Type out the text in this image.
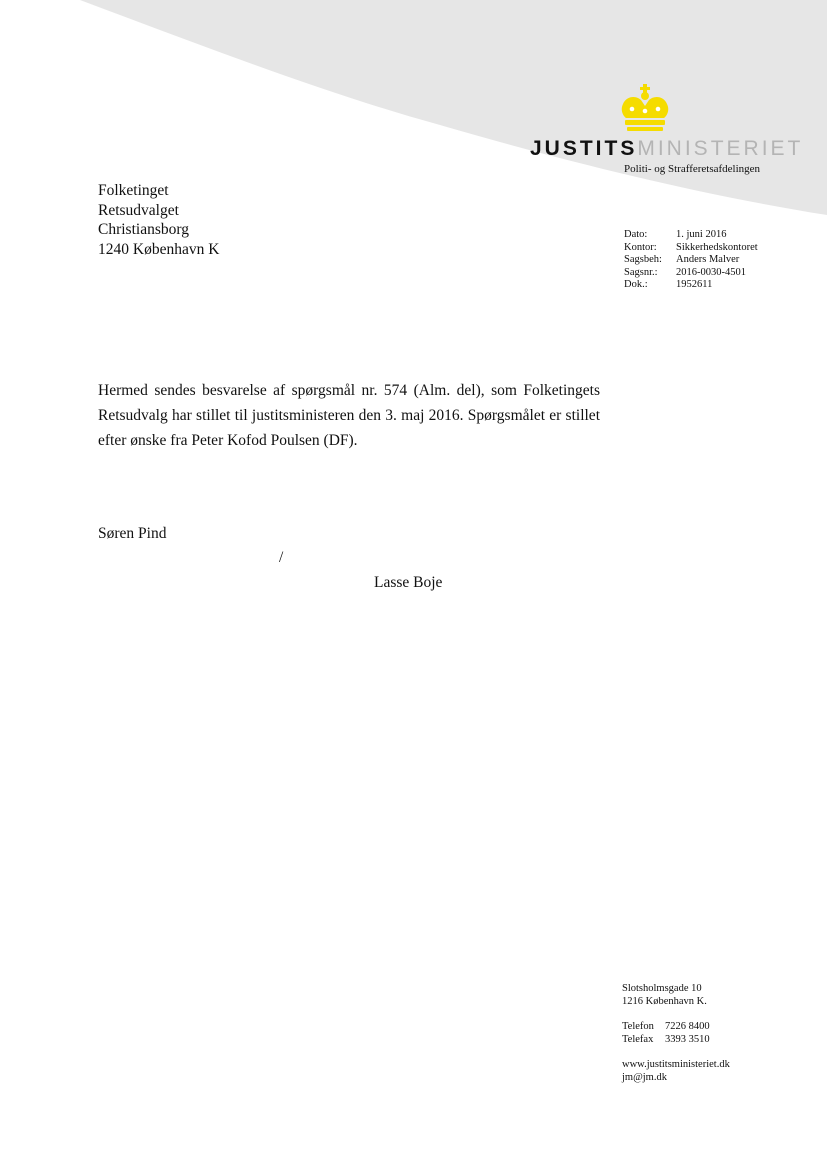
JUSTITSMINISTERIET
Politi- og Strafferetsafdelingen
Folketinget
Retsudvalget
Christiansborg
1240 København K
Dato:	1. juni 2016
Kontor:	Sikkerhedskontoret
Sagsbeh:	Anders Malver
Sagsnr.:	2016-0030-4501
Dok.:	1952611
Hermed sendes besvarelse af spørgsmål nr. 574 (Alm. del), som Folketingets Retsudvalg har stillet til justitsministeren den 3. maj 2016. Spørgsmålet er stillet efter ønske fra Peter Kofod Poulsen (DF).
Søren Pind
/
Lasse Boje
Slotsholmsgade 10
1216 København K.
Telefon	7226 8400
Telefax	3393 3510
www.justitsministeriet.dk
jm@jm.dk
